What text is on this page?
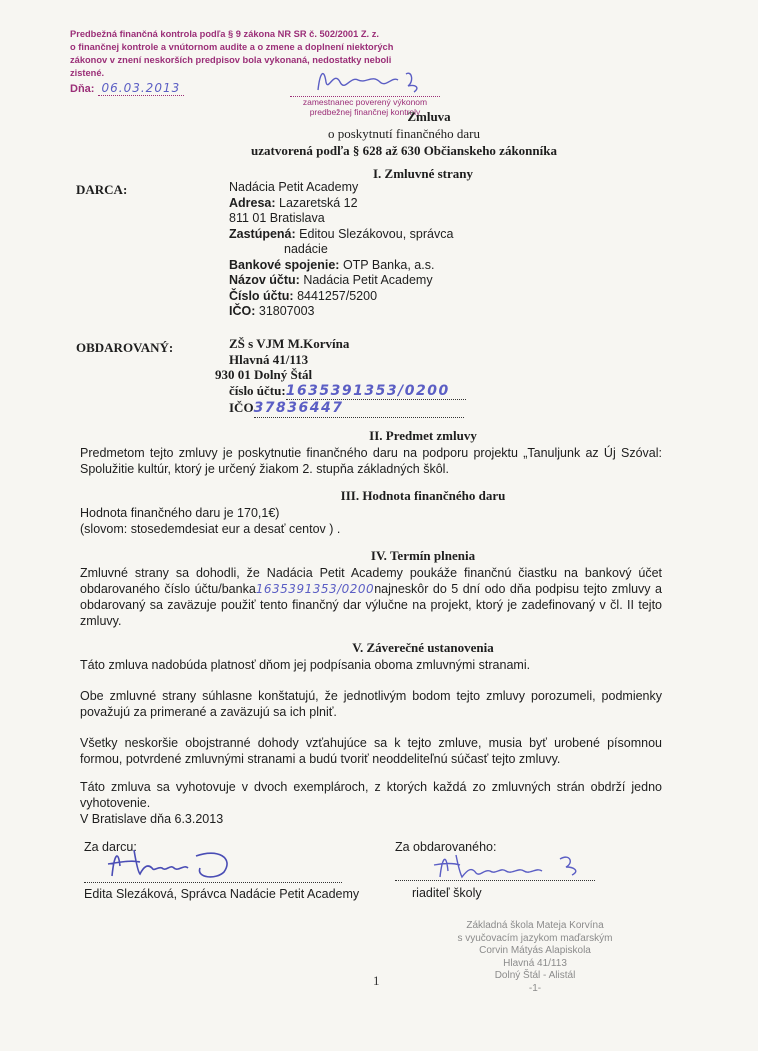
Predbežná finančná kontrola podľa § 9 zákona NR SR č. 502/2001 Z. z.
o finančnej kontrole a vnútornom audite a o zmene a doplnení niektorých
zákonov v znení neskorších predpisov bola vykonaná, nedostatky neboli
zistené.
Dňa: 06.03.2013
zamestnanec poverený výkonom
predbežnej finančnej kontroly
Zmluva
o poskytnutí finančného daru
uzatvorená podľa § 628 až 630 Občianskeho zákonníka
I. Zmluvné strany
DARCA:	Nadácia Petit Academy
Adresa: Lazaretská 12
811 01 Bratislava
Zastúpená: Editou Slezákovou, správca
nadácie
Bankové spojenie: OTP Banka, a.s.
Názov účtu: Nadácia Petit Academy
Číslo účtu: 8441257/5200
IČO: 31807003
OBDAROVANÝ:	ZŠ s VJM M.Korvína
Hlavná 41/113
930 01 Dolný Štál
číslo účtu:1635391353/0200
IČO37836447
II. Predmet zmluvy
Predmetom tejto zmluvy je poskytnutie finančného daru na podporu projektu „Tanuljunk az Új Szóval: Spolužitie kultúr, ktorý je určený žiakom 2. stupňa základných škôl.
III. Hodnota finančného daru
Hodnota finančného daru je 170,1€)
(slovom: stosedemdesiat eur a desať centov ) .
IV. Termín plnenia
Zmluvné strany sa dohodli, že Nadácia Petit Academy poukáže finančnú čiastku na bankový účet obdarovaného číslo účtu/banka1635391353/0200najneskôr do 5 dní odo dňa podpisu tejto zmluvy a obdarovaný sa zaväzuje použiť tento finančný dar výlučne na projekt, ktorý je zadefinovaný v čl. II tejto zmluvy.
V. Záverečné ustanovenia
Táto zmluva nadobúda platnosť dňom jej podpísania oboma zmluvnými stranami.
Obe zmluvné strany súhlasne konštatujú, že jednotlivým bodom tejto zmluvy porozumeli, podmienky považujú za primerané a zaväzujú sa ich plniť.
Všetky neskoršie obojstranné dohody vzťahujúce sa k tejto zmluve, musia byť urobené písomnou formou, potvrdené zmluvnými stranami a budú tvoriť neoddeliteľnú súčasť tejto zmluvy.
Táto zmluva sa vyhotovuje v dvoch exemplároch, z ktorých každá zo zmluvných strán obdrží jedno vyhotovenie.
V Bratislave dňa 6.3.2013
Za darcu:
Edita Slezáková, Správca Nadácie Petit Academy
Za obdarovaného:
riaditeľ školy
Základná škola Mateja Korvína
s vyučovacím jazykom maďarským
Corvin Mátyás Alapiskola
Hlavná 41/113
Dolný Štál - Alistál
-1-
1
